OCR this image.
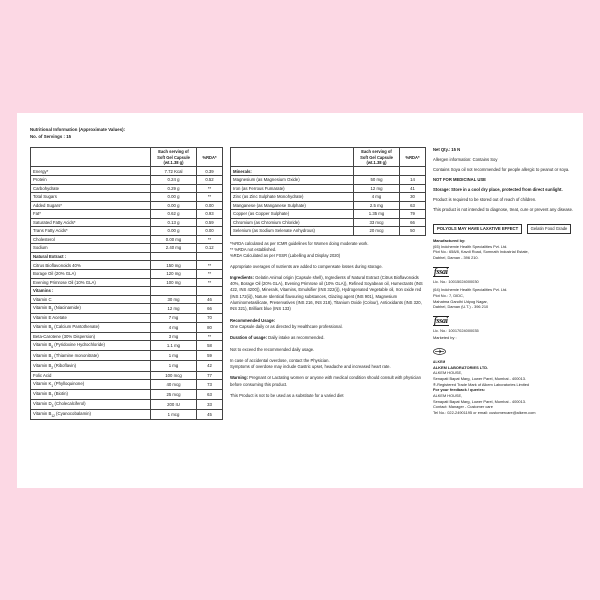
Nutritional Information (Approximate Values):
No. of Servings : 15

	Each serving of
Soft Gel Capsule
(wt.1.38 g)	%RDA*
Energy*	7.72 Kcal	0.39
Protein	0.24 g	0.52
Carbohydrate	0.29 g	**
Total Sugars	0.00 g	**
Added Sugars*	0.00 g	0.00
Fat*	0.62 g	0.93
Saturated Fatty Acids*	0.13 g	0.59
Trans Fatty Acids*	0.00 g	0.00
Cholesterol	0.00 mg	**
Sodium	2.40 mg	0.12
Natural Extract :		
Citrus Bioflavonoids 40%	150 mg	**
Borage Oil (20% GLA)	120 mg	**
Evening Primrose Oil (10% GLA)	100 mg	**
Vitamins :		
Vitamin C	30 mg	46
Vitamin $B_3$ (Niacinamide)	12 mg	66
Vitamin E Acetate	7 mg	70
Vitamin $B_5$ (Calcium Pantothenate)	4 mg	80
Beta-Carotene (30% Dispersion)	3 mg	**
Vitamin $B_6$ (Pyridoxine Hydrochloride)	1.1 mg	58
Vitamin $B_1$ (Thiamine mononitrate)	1 mg	59
Vitamin $B_2$ (Riboflavin)	1 mg	42
Folic Acid	100 mcg	77
Vitamin $K_1$ (Phylloquinone)	40 mcg	73
Vitamin $B_7$ (Biotin)	25 mcg	63
Vitamin $D_3$ (Cholecalciferol)	200 IU	33
Vitamin $B_{12}$ (Cyanocobalamin)	1 mcg	45

	Each serving of
Soft Gel Capsule
(wt.1.38 g)	%RDA*
Minerals:		
Magnesium (as Magnesium Oxide)	50 mg	14
Iron (as Ferrous Fumarate)	12 mg	41
Zinc (as Zinc Sulphate Monohydrate)	4 mg	30
Manganese (as Manganese Sulphate)	2.5 mg	63
Copper (as Copper Sulphate)	1.35 mg	79
Chromium (as Chromium Chloride)	33 mcg	66
Selenium (as Sodium Selenate Anhydrous)	20 mcg	50
*%RDA calculated as per ICMR guidelines for Women doing moderate work.
** %RDA not established.
%RDA Calculated as per FSSR (Labelling and Display 2020)
Appropriate overages of nutrients are added to compensate losses during storage.
Ingredients: Gelatin Animal origin (Capsule shell), Ingredients of Natural Extract (Citrus Bioflavonoids 40%, Borage Oil (20% GLA), Evening Primrose oil (10% GLA)), Refined Soyabean oil, Humectants (INS 422, INS 4200)), Minerals, Vitamins, Emulsifier (INS 322(i)), Hydrogenated Vegetable oil, Iron oxide red (INS 172(ii)), Nature Identical flavouring substances, Glazing agent (INS 901), Magnesium Aluminometasilicate, Preservatives (INS 216, INS 218), Titanium Oxide (Colour), Antioxidants (INS 320, INS 321), Brilliant blue (INS 133)
Recommended Usage:
One Capsule daily or as directed by Healthcare professional.
Duration of usage: Daily intake as recommended.
Not to exceed the recommended daily usage.
In case of accidental overdose, contact the Physician.
Symptoms of overdose may include Gastric upset, headache and increased heart rate.
Warning: Pregnant or Lactating women or anyone with medical condition should consult with physician before consuming this product.
This Product is not to be used as a substitute for a varied diet
Net Qty.: 15 N
Allergen information: Contains Soy
Contains Soya oil not recommended for people allergic to peanut or soya.
NOT FOR MEDICINAL USE
Storage: Store in a cool dry place, protected from direct sunlight.
Product is required to be stored out of reach of children.
This product is not intended to diagnose, treat, cure or prevent any disease.
POLYOLS MAY HAVE LAXATIVE EFFECT	Gelatin Food Grade
Manufactured by:
(65) Indchemie Health Specialities Pvt. Ltd.
Plot No.: 658/8, Kavdi Road, Somnath Industrial Estate,
Dabhel, Daman - 396 210.
fssai
Lic. No.: 10015024000030
(64) Indchemie Health Specialities Pvt. Ltd.
Plot No.: 7, DIDC,
Mahatma Gandhi Udyog Nagar,
Dabhel, Daman (U.T.) - 396 210
fssai
Lic. No.: 10017024000035
Marketed by :
ALKEM
ALKEM LABORATORIES LTD.
ALKEM HOUSE,
Senapati Bapat Marg, Lower Parel, Mumbai - 400013.
®-Registered Trade Mark of Alkem Laboratories Limited
For your feedback / queries:
ALKEM HOUSE,
Senapati Bapat Marg, Lower Parel, Mumbai - 400013.
Contact: Manager - Customer care
Tel No.: 022-24901195 or email: customercare@alkem.com
